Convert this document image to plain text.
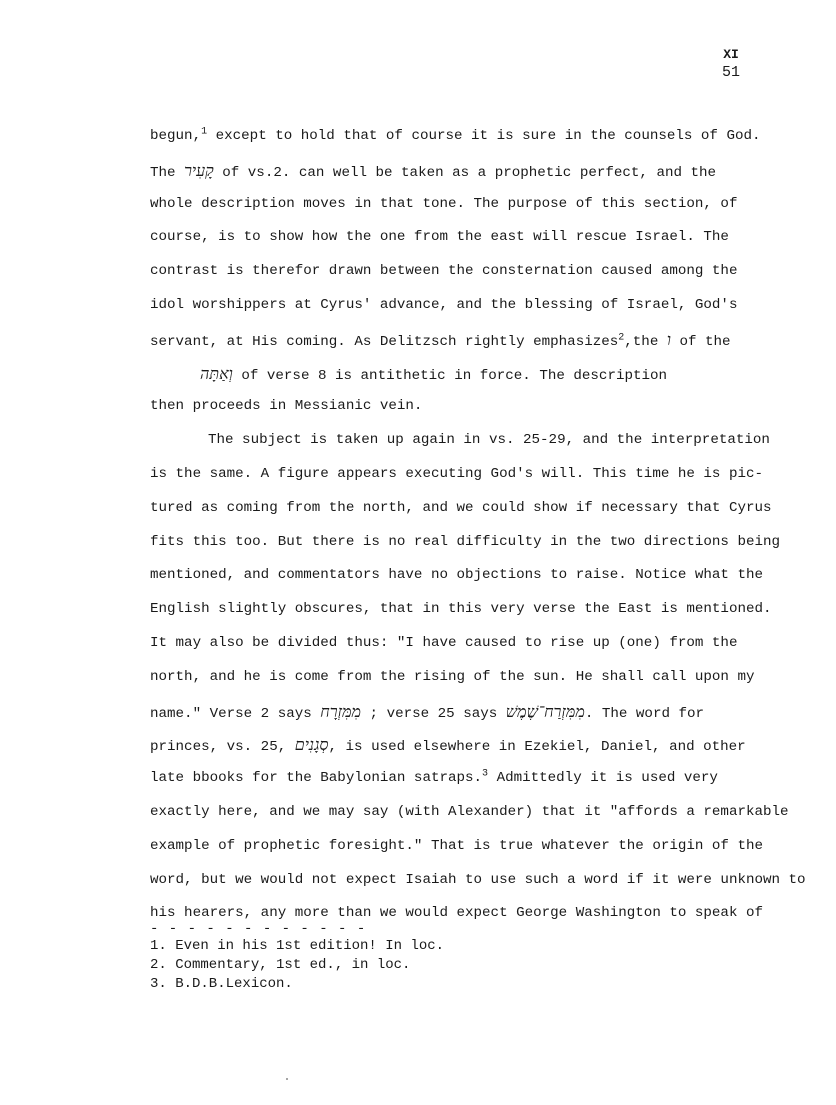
XI
51
begun,$^1$ except to hold that of course it is sure in the counsels of God.
The קָעִיר of vs.2. can well be taken as a prophetic perfect, and the
whole description moves in that tone. The purpose of this section, of
course, is to show how the one from the east will rescue Israel. The
contrast is therefor drawn between the consternation caused among the
idol worshippers at Cyrus' advance, and the blessing of Israel, God's
servant, at His coming. As Delitzsch rightly emphasizes$^2$,the ו of the
וְאַתָּה of verse 8 is antithetic in force. The description
then proceeds in Messianic vein.
The subject is taken up again in vs. 25-29, and the interpretation
is the same. A figure appears executing God's will. This time he is pic-
tured as coming from the north, and we could show if necessary that Cyrus
fits this too. But there is no real difficulty in the two directions being
mentioned, and commentators have no objections to raise. Notice what the
English slightly obscures, that in this very verse the East is mentioned.
It may also be divided thus: "I have caused to rise up (one) from the
north, and he is come from the rising of the sun. He shall call upon my
name." Verse 2 says מִמִּזְרָח ; verse 25 says מִמִּזְרַח־שֶׁמֶשׁ. The word for
princes, vs. 25, סְגָנִים, is used elsewhere in Ezekiel, Daniel, and other
late bbooks for the Babylonian satraps.$^3$ Admittedly it is used very
exactly here, and we may say (with Alexander) that it "affords a remarkable
example of prophetic foresight." That is true whatever the origin of the
word, but we would not expect Isaiah to use such a word if it were unknown to
his hearers, any more than we would expect George Washington to speak of
- - - - - - - - - - - -
1. Even in his 1st edition! In loc.
2. Commentary, 1st ed., in loc.
3. B.D.B.Lexicon.
